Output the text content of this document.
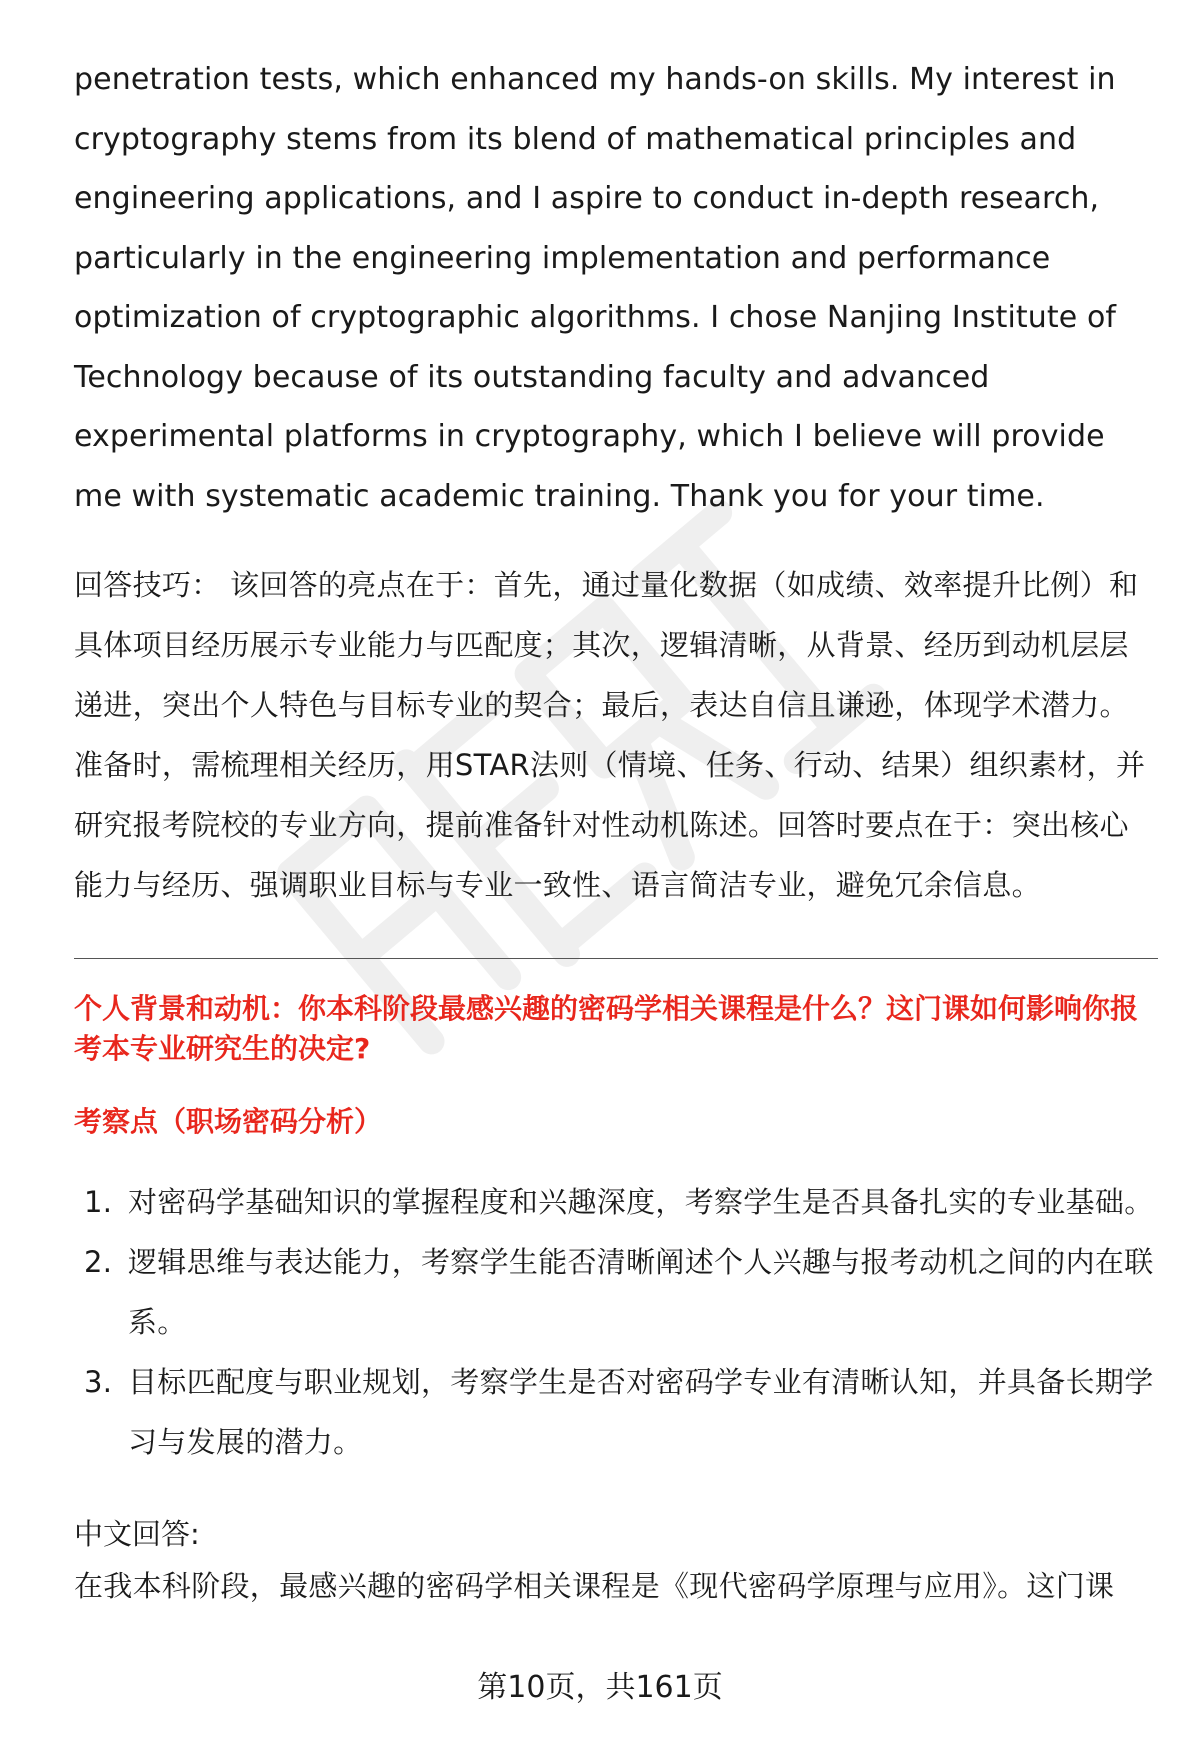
penetration tests, which enhanced my hands-on skills. My interest in cryptography stems from its blend of mathematical principles and engineering applications, and I aspire to conduct in-depth research, particularly in the engineering implementation and performance optimization of cryptographic algorithms. I chose Nanjing Institute of Technology because of its outstanding faculty and advanced experimental platforms in cryptography, which I believe will provide me with systematic academic training. Thank you for your time.

回答技巧： 该回答的亮点在于：首先，通过量化数据（如成绩、效率提升比例）和具体项目经历展示专业能力与匹配度；其次，逻辑清晰，从背景、经历到动机层层递进，突出个人特色与目标专业的契合；最后，表达自信且谦逊，体现学术潜力。准备时，需梳理相关经历，用STAR法则（情境、任务、行动、结果）组织素材，并研究报考院校的专业方向，提前准备针对性动机陈述。回答时要点在于：突出核心能力与经历、强调职业目标与专业一致性、语言简洁专业，避免冗余信息。

个人背景和动机：你本科阶段最感兴趣的密码学相关课程是什么？这门课如何影响你报考本专业研究生的决定?
考察点（职场密码分析）
1. 对密码学基础知识的掌握程度和兴趣深度，考察学生是否具备扎实的专业基础。
2. 逻辑思维与表达能力，考察学生能否清晰阐述个人兴趣与报考动机之间的内在联系。
3. 目标匹配度与职业规划，考察学生是否对密码学专业有清晰认知，并具备长期学习与发展的潜力。
中文回答:
在我本科阶段，最感兴趣的密码学相关课程是《现代密码学原理与应用》。这门课
第10页，共161页
